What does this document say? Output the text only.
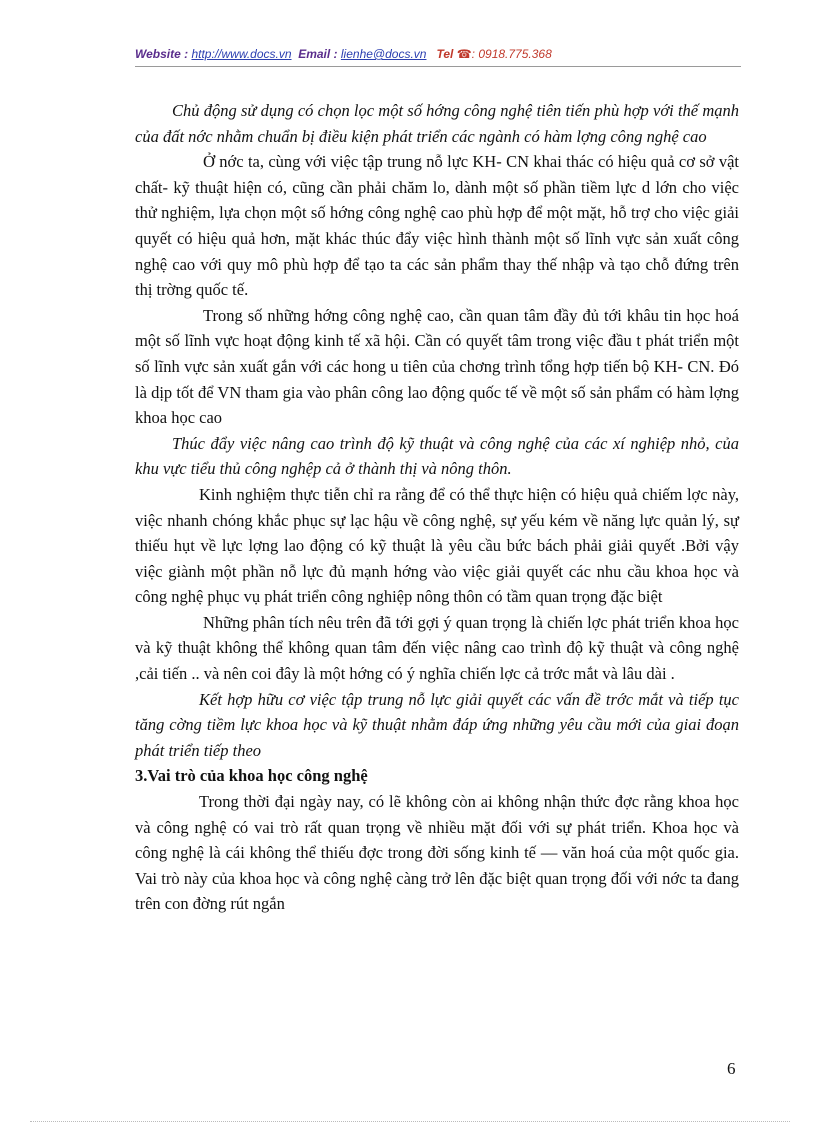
Website : http://www.docs.vn Email : lienhe@docs.vn Tel ☎: 0918.775.368

Chủ động sử dụng có chọn lọc một số hớng công nghệ tiên tiến phù hợp với thế mạnh của đất nớc nhằm chuẩn bị điều kiện phát triển các ngành có hàm lợng công nghệ cao

Ở nớc ta, cùng với việc tập trung nỗ lực KH- CN khai thác có hiệu quả cơ sở vật chất- kỹ thuật hiện có, cũng cần phải chăm lo, dành một số phần tiềm lực d lớn cho việc thử nghiệm, lựa chọn một số hớng công nghệ cao phù hợp để một mặt, hỗ trợ cho việc giải quyết có hiệu quả hơn, mặt khác thúc đẩy việc hình thành một số lĩnh vực sản xuất công nghệ cao với quy mô phù hợp để tạo ta các sản phẩm thay thế nhập và tạo chỗ đứng trên thị trờng quốc tế.

Trong số những hớng công nghệ cao, cần quan tâm đầy đủ tới khâu tin học hoá một số lĩnh vực hoạt động kinh tế xã hội. Cần có quyết tâm trong việc đầu t phát triển một số lĩnh vực sản xuất gắn với các hong u tiên của chơng trình tổng hợp tiến bộ KH- CN. Đó là dịp tốt để VN tham gia vào phân công lao động quốc tế về một số sản phẩm có hàm lợng khoa học cao

Thúc đẩy việc nâng cao trình độ kỹ thuật và công nghệ của các xí nghiệp nhỏ, của khu vực tiểu thủ công nghệp cả ở thành thị và nông thôn.

Kinh nghiệm thực tiễn chỉ ra rằng để có thể thực hiện có hiệu quả chiếm lợc này, việc nhanh chóng khắc phục sự lạc hậu về công nghệ, sự yếu kém về năng lực quản lý, sự thiếu hụt về lực lợng lao động có kỹ thuật là yêu cầu bức bách phải giải quyết .Bởi vậy việc giành một phần nỗ lực đủ mạnh hớng vào việc giải quyết các nhu cầu khoa học và công nghệ phục vụ phát triển công nghiệp nông thôn có tầm quan trọng đặc biệt

Những phân tích nêu trên đã tới gợi ý quan trọng là chiến lợc phát triển khoa học và kỹ thuật không thể không quan tâm đến việc nâng cao trình độ kỹ thuật và công nghệ ,cải tiến .. và nên coi đây là một hớng có ý nghĩa chiến lợc cả trớc mắt và lâu dài .

Kết hợp hữu cơ việc tập trung nỗ lực giải quyết các vấn đề trớc mắt và tiếp tục tăng cờng tiềm lực khoa học và kỹ thuật nhằm đáp ứng những yêu cầu mới của giai đoạn phát triển tiếp theo

3.Vai trò của khoa học công nghệ

Trong thời đại ngày nay, có lẽ không còn ai không nhận thức đợc rằng khoa học và công nghệ có vai trò rất quan trọng về nhiều mặt đối với sự phát triển. Khoa học và công nghệ là cái không thể thiếu đợc trong đời sống kinh tế — văn hoá của một quốc gia. Vai trò này của khoa học và công nghệ càng trở lên đặc biệt quan trọng đối với nớc ta đang trên con đờng rút ngắn

6
